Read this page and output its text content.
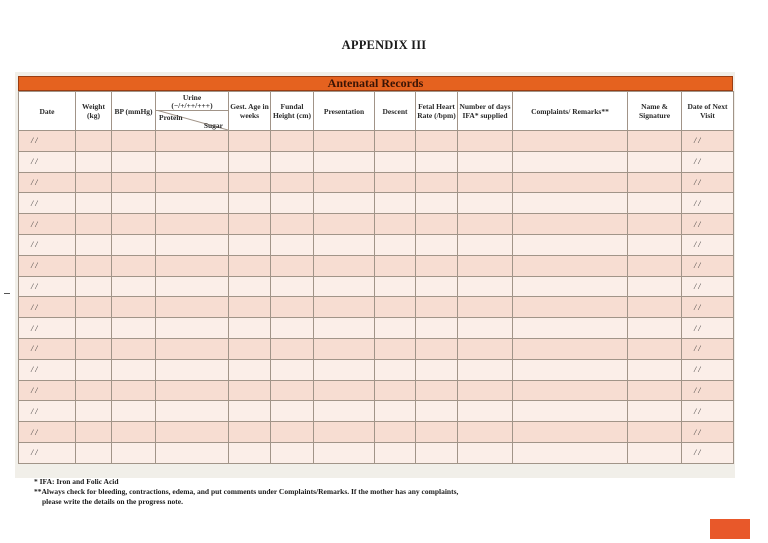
APPENDIX III
Antenatal Records
Date	Weight (kg)	BP (mmHg)	Urine
(−/+/++/+++)
Protein
Sugar	Gest. Age in weeks	Fundal Height (cm)	Presentation	Descent	Fetal Heart Rate (/bpm)	Number of days IFA* supplied	Complaints/ Remarks**	Name & Signature	Date of Next Visit
/ /												/ /
/ /												/ /
/ /												/ /
/ /												/ /
/ /												/ /
/ /												/ /
/ /												/ /
/ /												/ /
/ /												/ /
/ /												/ /
/ /												/ /
/ /												/ /
/ /												/ /
/ /												/ /
/ /												/ /
/ /												/ /
* IFA: Iron and Folic Acid
**Always check for bleeding, contractions, edema, and put comments under Complaints/Remarks. If the mother has any complaints,
please write the details on the progress note.
